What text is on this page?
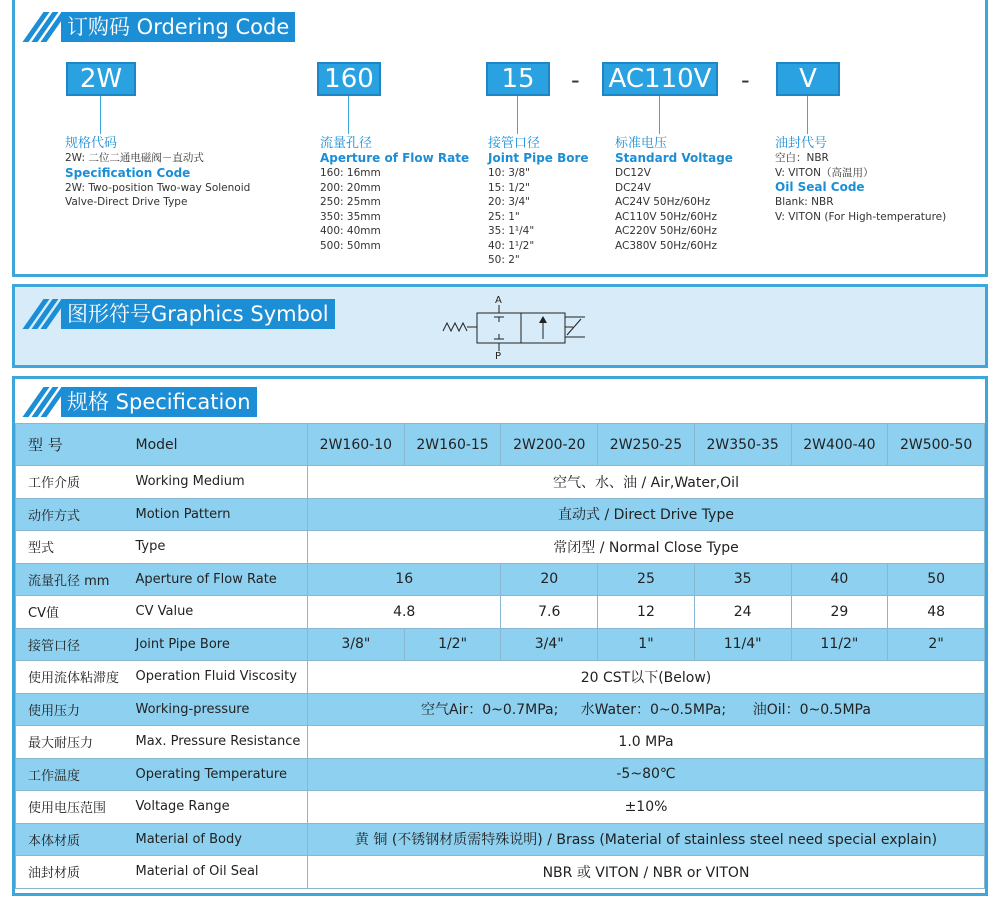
订购码 Ordering Code
2W	160	15	- AC110V -	V
规格代码
2W: 二位二通电磁阀－直动式
Specification Code
2W: Two-position Two-way Solenoid
Valve-Direct Drive Type
流量孔径
Aperture of Flow Rate
160: 16mm
200: 20mm
250: 25mm
350: 35mm
400: 40mm
500: 50mm
接管口径
Joint Pipe Bore
10: 3/8"
15: 1/2"
20: 3/4"
25: 1"
35: 1¹/4"
40: 1¹/2"
50: 2"
标准电压
Standard Voltage
DC12V
DC24V
AC24V 50Hz/60Hz
AC110V 50Hz/60Hz
AC220V 50Hz/60Hz
AC380V 50Hz/60Hz
油封代号
空白：NBR
V: VITON（高温用）
Oil Seal Code
Blank: NBR
V: VITON (For High-temperature)
图形符号Graphics Symbol
A
P
规格 Specification
型 号	Model	2W160-10	2W160-15	2W200-20	2W250-25	2W350-35	2W400-40	2W500-50
工作介质	Working Medium	空气、水、油 / Air,Water,Oil						
动作方式	Motion Pattern	直动式 / Direct Drive Type						
型式	Type	常闭型 / Normal Close Type						
流量孔径 mm	Aperture of Flow Rate	16		20	25	35	40	50
CV值	CV Value	4.8		7.6	12	24	29	48
接管口径	Joint Pipe Bore	3/8"	1/2"	3/4"	1"	11/4"	11/2"	2"
使用流体粘滞度	Operation Fluid Viscosity	20 CST以下(Below)						
使用压力	Working-pressure	空气Air：0~0.7MPa;     水Water：0~0.5MPa;      油Oil：0~0.5MPa						
最大耐压力	Max. Pressure Resistance	1.0 MPa						
工作温度	Operating Temperature	-5~80℃						
使用电压范围	Voltage Range	±10%						
本体材质	Material of Body	黄 铜 (不锈钢材质需特殊说明) / Brass (Material of stainless steel need special explain)						
油封材质	Material of Oil Seal	NBR 或 VITON / NBR or VITON						
